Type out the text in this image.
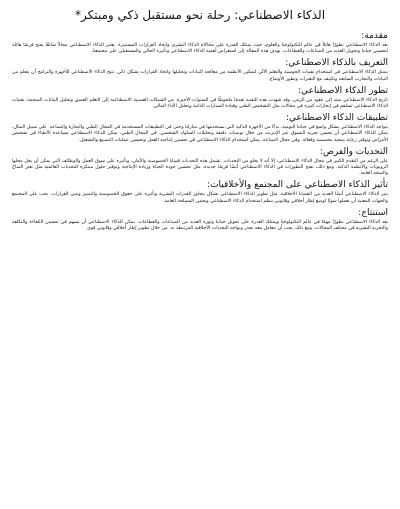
الذكاء الاصطناعي: رحلة نحو مستقبل ذكي ومبتكر*
مقدمة:

يعد الذكاء الاصطناعي تطورًا هائلاً في عالم التكنولوجيا والعلوم، حيث يمتلك القدرة على محاكاة الذكاء البشري واتخاذ القرارات المستنيرة. يعتبر الذكاء الاصطناعي مجالاً شائقًا يفتح فرصًا هائلة لتحسين حياتنا وتحويل العديد من الصناعات والقطاعات. تهدف هذه المقالة إلى استعراض أهمية الذكاء الاصطناعي وتأثيره الحالي والمستقبلي على مجتمعنا.

التعريف بالذكاء الاصطناعي:

يتمثل الذكاء الاصطناعي في استخدام تقنيات الحوسبة والتعلم الآلي لتمكين الأنظمة من معالجة البيانات وتحليلها واتخاذ القرارات بشكل ذكي. يتيح الذكاء الاصطناعي للأجهزة والبرامج أن تتعلم من البيانات والتجارب السابقة وتكييف مع التغيرات وتطور الأوضاع.

تطور الذكاء الاصطناعي:

تاريخ الذكاء الاصطناعي يمتد إلى عقود من الزمن، وقد شهدت هذه التقنية تقدمًا ملحوظًا في السنوات الأخيرة. من الشبكات العصبية الاصطناعية إلى التعلم العميق وتحليل البيانات الضخمة، تقنيات الذكاء الاصطناعي تساهم في إنجازات كبيرة في مجالات مثل التشخيص الطبي وقيادة السيارات الذاتية وتحليل الأداء المالي.

تطبيقات الذكاء الاصطناعي:

يتواجد الذكاء الاصطناعي بشكل واسع في حياتنا اليومية، بدءًا من الأجهزة الذكية التي نستخدمها في منازلنا وحتى في التطبيقات المستخدمة في المجال الطبي والتجارة والصناعة. على سبيل المثال، يمكن للذكاء الاصطناعي أن يحسن تجربة التسوق عبر الإنترنت من خلال توصيات دقيقة وتحليلات السلوك الشخصي. في المجال الطبي، يمكن للذكاء الاصطناعي مساعدة الأطباء في تشخيص الأمراض وتوفير رعاية صحية مخصصة وفعالة. وفي مجال الصناعة، يمكن استخدام الذكاء الاصطناعي في تحسين إنتاجية العمل وتحسين عمليات التصنيع والتشغيل.

التحديات والفرص:

على الرغم من التقدم الكبير في مجال الذكاء الاصطناعي، إلا أنه لا يخلو من التحديات. تشمل هذه التحديات قضايا الخصوصية والأمان، وتأثيره على سوق العمل والوظائف التي يمكن أن يحل محلها الروبوتات والأنظمة الذكية. ومع ذلك، تفتح التطورات في الذكاء الاصطناعي أيضًا فرصًا جديدة، مثل تحسين جودة الحياة وزيادة الإنتاجية وتوفير حلول مبتكرة للتحديات العالمية مثل تغير المناخ والصحة العامة.

تأثير الذكاء الاصطناعي على المجتمع والأخلاقيات:

يثير الذكاء الاصطناعي أيضًا العديد من القضايا الأخلاقية، مثل تطوير الذكاء الاصطناعي بشكل يتجاوز القدرات البشرية وتأثيره على حقوق الخصوصية والتمييز وتبني القرارات. يجب على المجتمع والجهات المعنية أن يعملوا سويًا لوضع إطار أخلاقي وقانوني ينظم استخدام الذكاء الاصطناعي ويحمي المصلحة العامة.

استنتاج:

يعد الذكاء الاصطناعي تطورًا مهمًا في عالم التكنولوجيا ويمتلك القدرة على تحويل حياتنا وثورة العديد من الصناعات والقطاعات. يمكن للذكاء الاصطناعي أن يسهم في تحسين الكفاءة والتكلفة والتجربة البشرية في مختلف المجالات. ومع ذلك، يجب أن نتعامل معه بحذر ونواجه التحديات الأخلاقية المرتبطة به. من خلال تطوير إطار أخلاقي وقانوني قوي
